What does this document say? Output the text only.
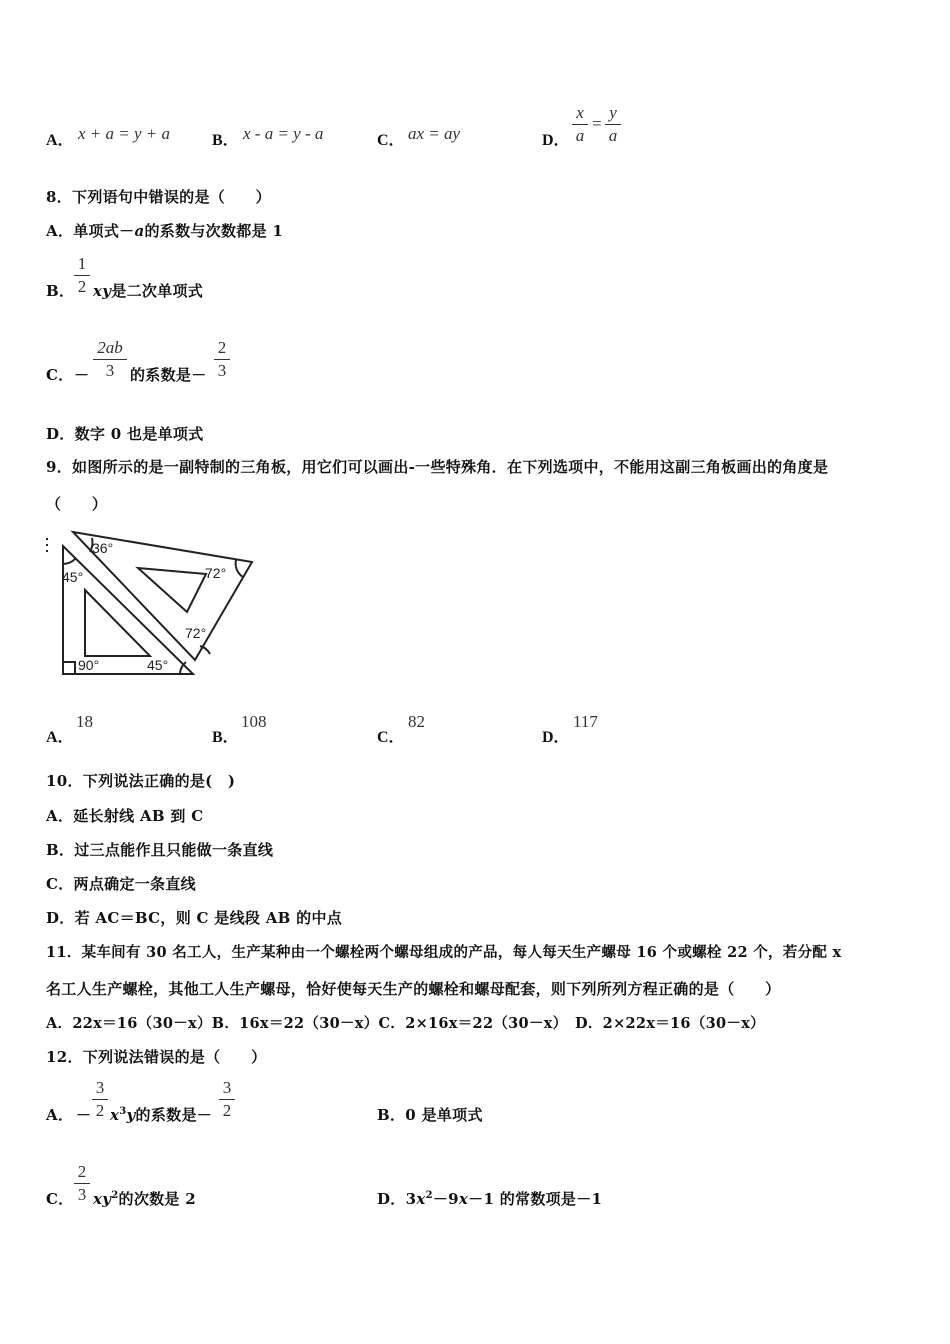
A． x + a = y + a	B． x - a = y - a	C． ax = ay	D．
x
a
=
y
a
8．下列语句中错误的是（　　）
A．单项式－a的系数与次数都是 1
B．
1
2 xy是二次单项式
C． －
2ab
3	的系数是－
2
3
D．数字 0 也是单项式
9．如图所示的是一副特制的三角板，用它们可以画出-一些特殊角．在下列选项中，不能用这副三角板画出的角度是
（　　）
36°
72°
72°
45°
90°	45°
A．
18
B．
108
C．
82
D．
117
10．下列说法正确的是(　)
A．延长射线 AB 到 C
B．过三点能作且只能做一条直线
C．两点确定一条直线
D．若 AC＝BC，则 C 是线段 AB 的中点
11．某车间有 30 名工人，生产某种由一个螺栓两个螺母组成的产品，每人每天生产螺母 16 个或螺栓 22 个，若分配 x
名工人生产螺栓，其他工人生产螺母，恰好使每天生产的螺栓和螺母配套，则下列所列方程正确的是（　　）
A．22x＝16（30－x）B．16x＝22（30－x）C．2×16x＝22（30－x）　D．2×22x＝16（30－x）
12．下列说法错误的是（　　）
A． －
3
2 $x^3y$的系数是－
3
2	B．0 是单项式
C．
2
3 $xy^2$的次数是 2	D．$3x^2-9x-1$ 的常数项是－1
